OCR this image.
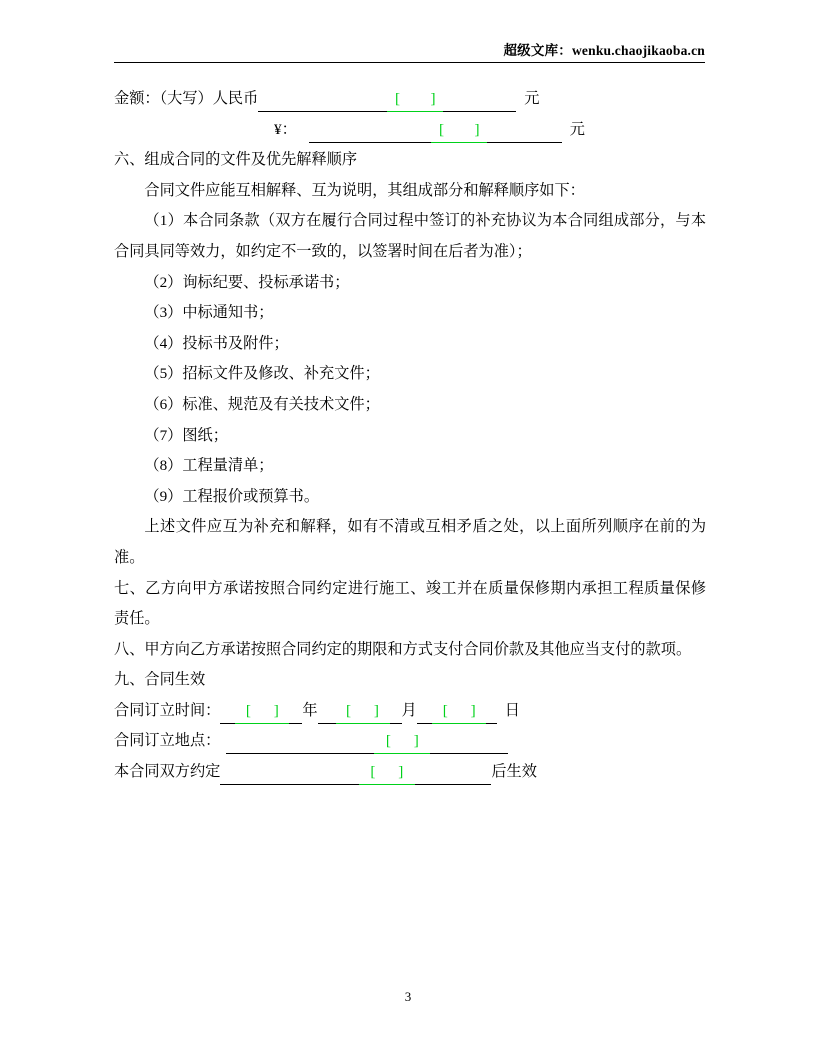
超级文库：wenku.chaojikaoba.cn
金额：（大写）人民币	[        ]	元
¥：	[        ]	元
六、组成合同的文件及优先解释顺序
合同文件应能互相解释、互为说明，其组成部分和解释顺序如下：
（1）本合同条款（双方在履行合同过程中签订的补充协议为本合同组成部分，与本合同具同等效力，如约定不一致的，以签署时间在后者为准）；
（2）询标纪要、投标承诺书；
（3）中标通知书；
（4）投标书及附件；
（5）招标文件及修改、补充文件；
（6）标准、规范及有关技术文件；
（7）图纸；
（8）工程量清单；
（9）工程报价或预算书。
上述文件应互为补充和解释，如有不清或互相矛盾之处，以上面所列顺序在前的为准。
七、乙方向甲方承诺按照合同约定进行施工、竣工并在质量保修期内承担工程质量保修责任。
八、甲方向乙方承诺按照合同约定的期限和方式支付合同价款及其他应当支付的款项。
九、合同生效
合同订立时间： [      ] 年 [      ] 月 [      ] 日
合同订立地点：	[      ]
本合同双方约定	[      ]	后生效
3
